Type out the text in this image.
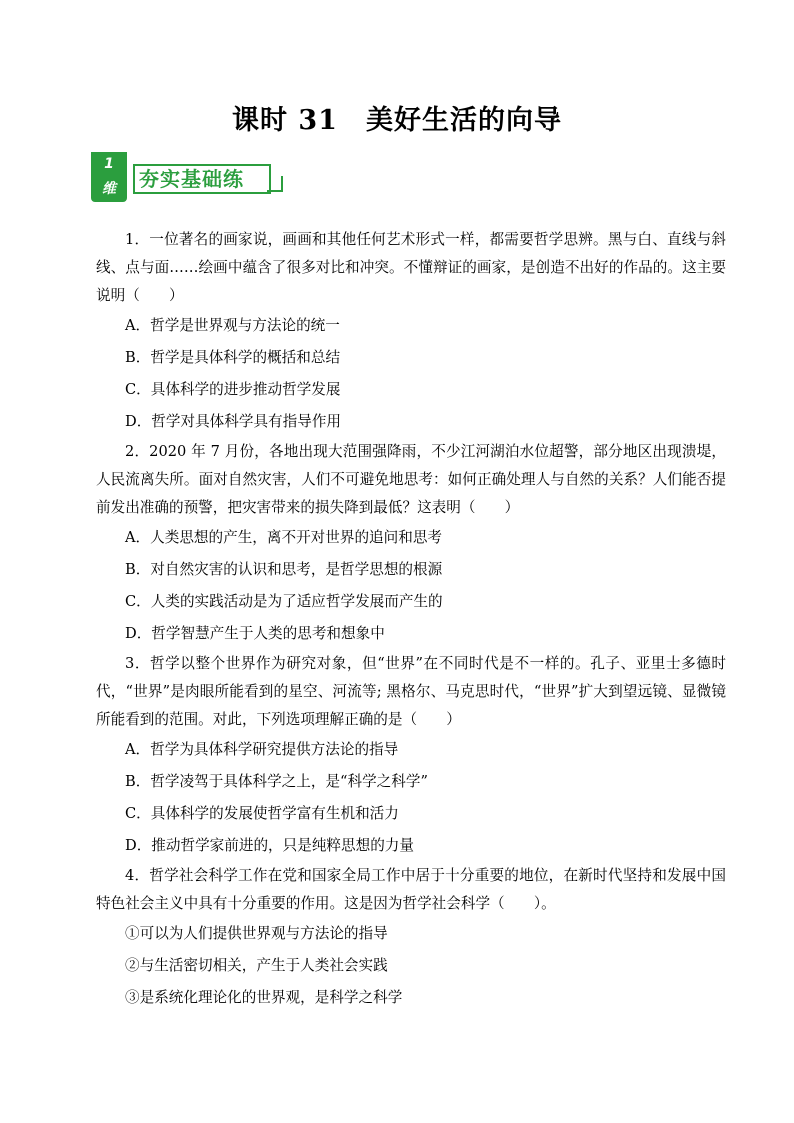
课时 31 美好生活的向导
1
维	夯实基础练

1．一位著名的画家说，画画和其他任何艺术形式一样，都需要哲学思辨。黑与白、直线与斜线、点与面……绘画中蕴含了很多对比和冲突。不懂辩证的画家，是创造不出好的作品的。这主要说明（　　）

A．哲学是世界观与方法论的统一

B．哲学是具体科学的概括和总结

C．具体科学的进步推动哲学发展

D．哲学对具体科学具有指导作用

2．2020 年 7 月份，各地出现大范围强降雨，不少江河湖泊水位超警，部分地区出现溃堤，人民流离失所。面对自然灾害，人们不可避免地思考：如何正确处理人与自然的关系？人们能否提前发出准确的预警，把灾害带来的损失降到最低？这表明（　　）

A．人类思想的产生，离不开对世界的追问和思考

B．对自然灾害的认识和思考，是哲学思想的根源

C．人类的实践活动是为了适应哲学发展而产生的

D．哲学智慧产生于人类的思考和想象中

3．哲学以整个世界作为研究对象，但“世界”在不同时代是不一样的。孔子、亚里士多德时代，“世界”是肉眼所能看到的星空、河流等; 黑格尔、马克思时代，“世界”扩大到望远镜、显微镜所能看到的范围。对此，下列选项理解正确的是（　　）

A．哲学为具体科学研究提供方法论的指导

B．哲学凌驾于具体科学之上，是“科学之科学”

C．具体科学的发展使哲学富有生机和活力

D．推动哲学家前进的，只是纯粹思想的力量

4．哲学社会科学工作在党和国家全局工作中居于十分重要的地位，在新时代坚持和发展中国特色社会主义中具有十分重要的作用。这是因为哲学社会科学（　　）。

①可以为人们提供世界观与方法论的指导

②与生活密切相关，产生于人类社会实践

③是系统化理论化的世界观，是科学之科学
